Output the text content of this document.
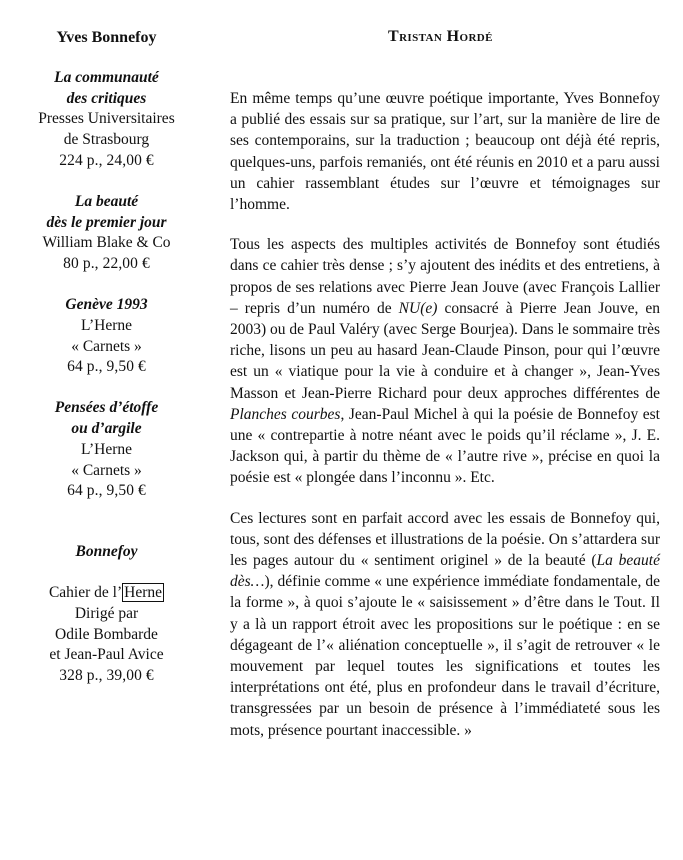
Yves Bonnefoy
La communauté
des critiques
Presses Universitaires
de Strasbourg
224 p., 24,00 €
La beauté
dès le premier jour
William Blake & Co
80 p., 22,00 €
Genève 1993
L’Herne
« Carnets »
64 p., 9,50 €
Pensées d’étoffe
ou d’argile
L’Herne
« Carnets »
64 p., 9,50 €
Bonnefoy
Cahier de l’ Herne
Dirigé par
Odile Bombarde
et Jean-Paul Avice
328 p., 39,00 €
Tristan Hordé

En même temps qu’une œuvre poétique importante, Yves Bonnefoy a publié des essais sur sa pratique, sur l’art, sur la manière de lire de ses contemporains, sur la traduction ; beaucoup ont déjà été repris, quelques-uns, parfois remaniés, ont été réunis en 2010 et a paru aussi un cahier rassemblant études sur l’œuvre et témoignages sur l’homme.

Tous les aspects des multiples activités de Bonnefoy sont étudiés dans ce cahier très dense ; s’y ajoutent des inédits et des entretiens, à propos de ses relations avec Pierre Jean Jouve (avec François Lallier – repris d’un numéro de NU(e) consacré à Pierre Jean Jouve, en 2003) ou de Paul Valéry (avec Serge Bourjea). Dans le sommaire très riche, lisons un peu au hasard Jean-Claude Pinson, pour qui l’œuvre est un « viatique pour la vie à conduire et à changer », Jean-Yves Masson et Jean-Pierre Richard pour deux approches différentes de Planches courbes, Jean-Paul Michel à qui la poésie de Bonnefoy est une « contrepartie à notre néant avec le poids qu’il réclame », J. E. Jackson qui, à partir du thème de « l’autre rive », précise en quoi la poésie est « plongée dans l’inconnu ». Etc.

Ces lectures sont en parfait accord avec les essais de Bonnefoy qui, tous, sont des défenses et illustrations de la poésie. On s’attardera sur les pages autour du « sentiment originel » de la beauté (La beauté dès…), définie comme « une expérience immédiate fondamentale, de la forme », à quoi s’ajoute le « saisissement » d’être dans le Tout. Il y a là un rapport étroit avec les propositions sur le poétique : en se dégageant de l’« aliénation conceptuelle », il s’agit de retrouver « le mouvement par lequel toutes les significations et toutes les interprétations ont été, plus en profondeur dans le travail d’écriture, transgressées par un besoin de présence à l’immédiateté sous les mots, présence pourtant inaccessible. »
